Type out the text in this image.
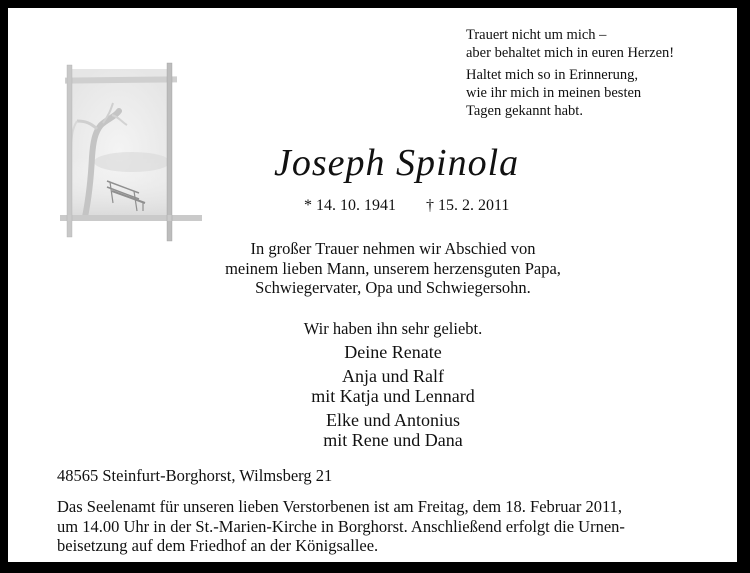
Trauert nicht um mich –
aber behaltet mich in euren Herzen!
Haltet mich so in Erinnerung,
wie ihr mich in meinen besten
Tagen gekannt habt.
Joseph Spinola
* 14. 10. 1941 † 15. 2. 2011
In großer Trauer nehmen wir Abschied von
meinem lieben Mann, unserem herzensguten Papa,
Schwiegervater, Opa und Schwiegersohn.
Wir haben ihn sehr geliebt.
Deine Renate
Anja und Ralf
mit Katja und Lennard
Elke und Antonius
mit Rene und Dana
48565 Steinfurt-Borghorst, Wilmsberg 21
Das Seelenamt für unseren lieben Verstorbenen ist am Freitag, dem 18. Februar 2011,
um 14.00 Uhr in der St.-Marien-Kirche in Borghorst. Anschließend erfolgt die Urnen-
beisetzung auf dem Friedhof an der Königsallee.
